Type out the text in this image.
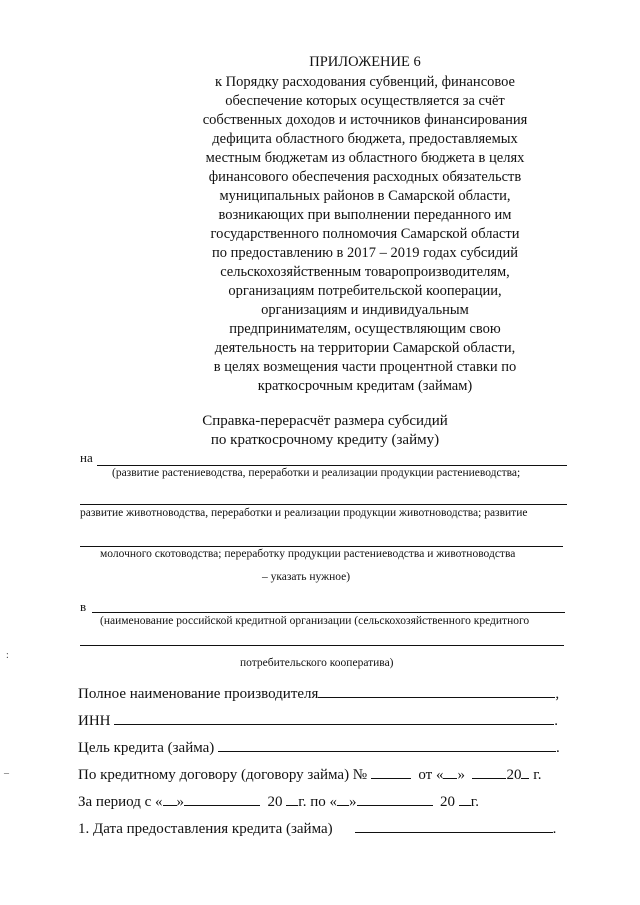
ПРИЛОЖЕНИЕ 6
к Порядку расходования субвенций, финансовое
обеспечение которых осуществляется за счёт
собственных доходов и источников финансирования
дефицита областного бюджета, предоставляемых
местным бюджетам из областного бюджета в целях
финансового обеспечения расходных обязательств
муниципальных районов в Самарской области,
возникающих при выполнении переданного им
государственного полномочия Самарской области
по предоставлению в 2017 – 2019 годах субсидий
сельскохозяйственным товаропроизводителям,
организациям потребительской кооперации,
организациям и индивидуальным
предпринимателям, осуществляющим свою
деятельность на территории Самарской области,
в целях возмещения части процентной ставки по
краткосрочным кредитам (займам)
Справка-перерасчёт размера субсидий
по краткосрочному кредиту (займу)
на
(развитие растениеводства, переработки и реализации продукции растениеводства;
развитие животноводства, переработки и реализации продукции животноводства; развитие
молочного скотоводства; переработку продукции растениеводства и животноводства
– указать нужное)
в
(наименование российской кредитной организации (сельскохозяйственного кредитного
потребительского кооператива)
Полное наименование производителя	,
ИНН	.
Цель кредита (займа)	.
По кредитному договору (договору займа) №	от « »	20 г.
За период с « »	20 г. по « »	20 г.
1. Дата предоставления кредита (займа)	.
:
–
